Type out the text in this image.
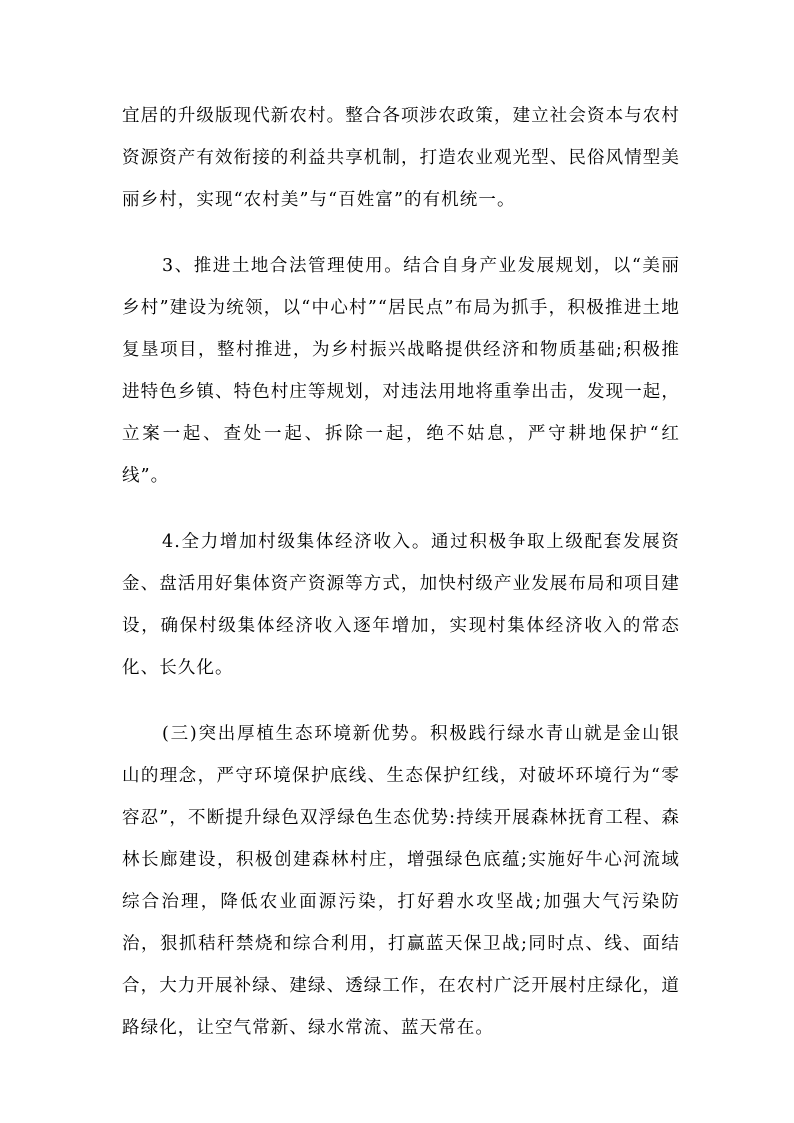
宜居的升级版现代新农村。整合各项涉农政策，建立社会资本与农村资源资产有效衔接的利益共享机制，打造农业观光型、民俗风情型美丽乡村，实现“农村美”与“百姓富”的有机统一。

3、推进土地合法管理使用。结合自身产业发展规划，以“美丽乡村”建设为统领，以“中心村”“居民点”布局为抓手，积极推进土地复垦项目，整村推进，为乡村振兴战略提供经济和物质基础;积极推进特色乡镇、特色村庄等规划，对违法用地将重拳出击，发现一起，立案一起、查处一起、拆除一起，绝不姑息，严守耕地保护“红线”。

4.全力增加村级集体经济收入。通过积极争取上级配套发展资金、盘活用好集体资产资源等方式，加快村级产业发展布局和项目建设，确保村级集体经济收入逐年增加，实现村集体经济收入的常态化、长久化。

(三)突出厚植生态环境新优势。积极践行绿水青山就是金山银山的理念，严守环境保护底线、生态保护红线，对破坏环境行为“零容忍”，不断提升绿色双浮绿色生态优势:持续开展森林抚育工程、森林长廊建设，积极创建森林村庄，增强绿色底蕴;实施好牛心河流域综合治理，降低农业面源污染，打好碧水攻坚战;加强大气污染防治，狠抓秸秆禁烧和综合利用，打赢蓝天保卫战;同时点、线、面结合，大力开展补绿、建绿、透绿工作，在农村广泛开展村庄绿化，道路绿化，让空气常新、绿水常流、蓝天常在。
